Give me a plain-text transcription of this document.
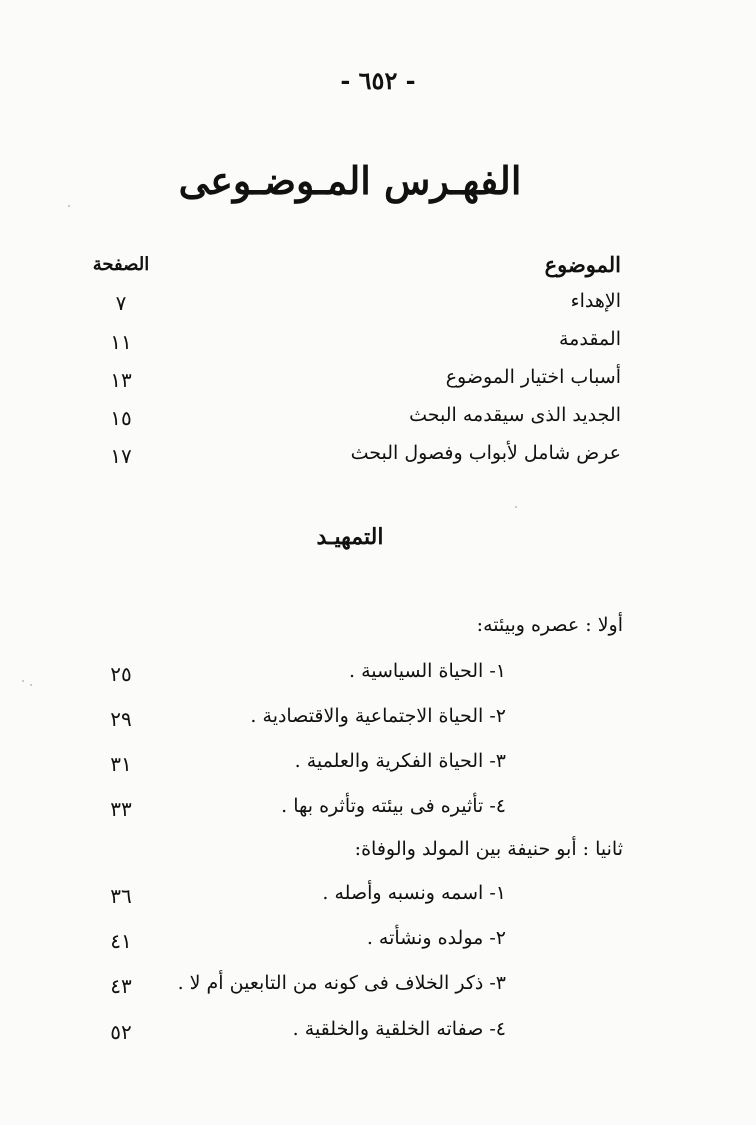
- ٦٥٢ -
الفهـرس المـوضـوعى
الموضوع
الصفحة
الإهداء
٧
المقدمة
١١
أسباب اختيار الموضوع
١٣
الجديد الذى سيقدمه البحث
١٥
عرض شامل لأبواب وفصول البحث
١٧
التمهيـد
أولا : عصره وبيئته:
١- الحياة السياسية .
٢٥
٢- الحياة الاجتماعية والاقتصادية .
٢٩
٣- الحياة الفكرية والعلمية .
٣١
٤- تأثيره فى بيئته وتأثره بها .
٣٣
ثانيا : أبو حنيفة بين المولد والوفاة:
١- اسمه ونسبه وأصله .
٣٦
٢- مولده ونشأته .
٤١
٣- ذكر الخلاف فى كونه من التابعين أم لا .
٤٣
٤- صفاته الخلقية والخلقية .
٥٢
